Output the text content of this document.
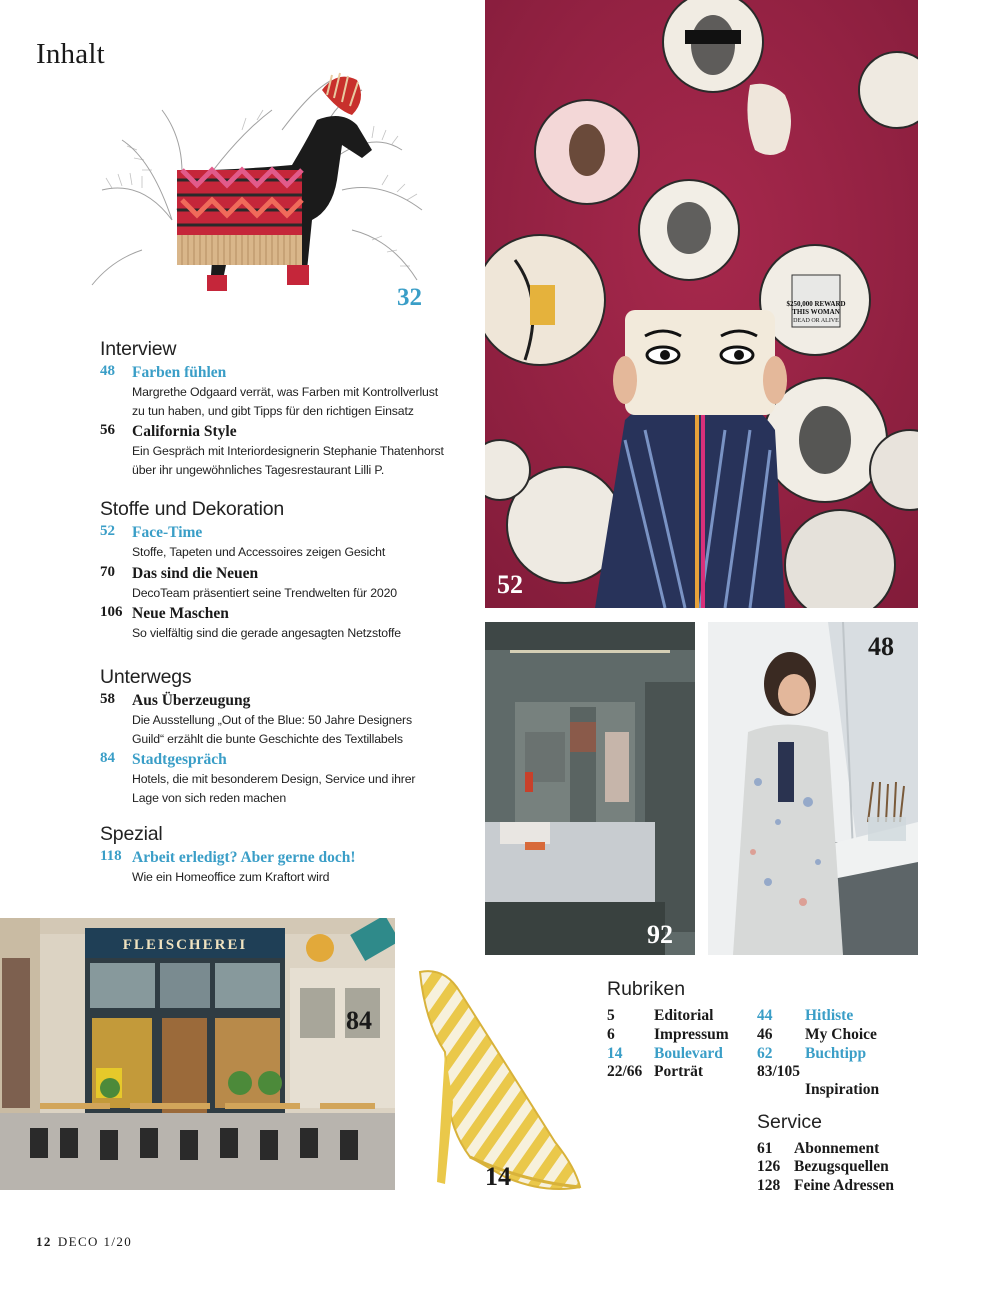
Inhalt
32
Interview
48 Farben fühlen
Margrethe Odgaard verrät, was Farben mit Kontrollverlust
zu tun haben, und gibt Tipps für den richtigen Einsatz
56 California Style
Ein Gespräch mit Interiordesignerin Stephanie Thatenhorst
über ihr ungewöhnliches Tagesrestaurant Lilli P.
Stoffe und Dekoration
52 Face-Time
Stoffe, Tapeten und Accessoires zeigen Gesicht
70 Das sind die Neuen
DecoTeam präsentiert seine Trendwelten für 2020
106 Neue Maschen
So vielfältig sind die gerade angesagten Netzstoffe
Unterwegs
58 Aus Überzeugung
Die Ausstellung „Out of the Blue: 50 Jahre Designers
Guild“ erzählt die bunte Geschichte des Textillabels
84 Stadtgespräch
Hotels, die mit besonderem Design, Service und ihrer
Lage von sich reden machen
Spezial
118 Arbeit erledigt? Aber gerne doch!
Wie ein Homeoffice zum Kraftort wird
$250,000 REWARD
THIS WOMAN
DEAD OR ALIVE
52
92
48
FLEISCHEREI
84
14
Rubriken
5	Editorial
6	Impressum
14 Boulevard
22/66 Porträt
44 Hitliste
46 My Choice
62 Buchtipp
83/105
Inspiration
Service
61 Abonnement
126 Bezugsquellen
128 Feine Adressen
12 DECO 1/20
